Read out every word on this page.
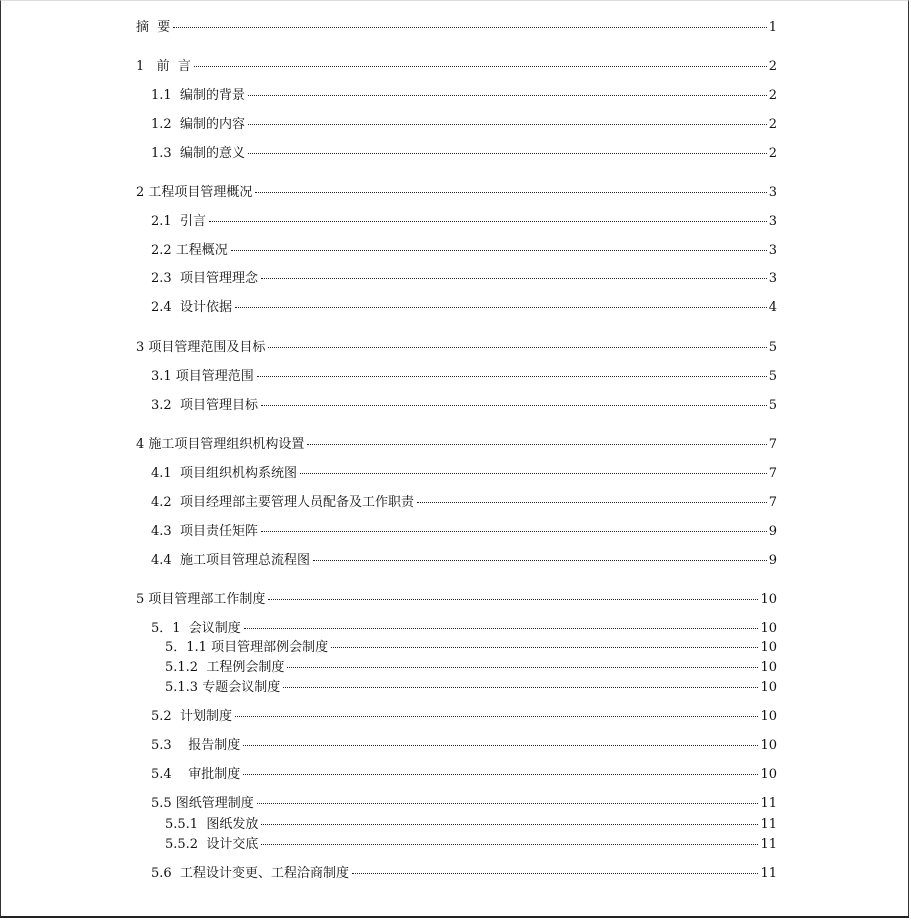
摘  要	1
1   前  言	2
1.1  编制的背景	2
1.2  编制的内容	2
1.3  编制的意义	2
2 工程项目管理概况	3
2.1  引言	3
2.2 工程概况	3
2.3  项目管理理念	3
2.4  设计依据	4
3 项目管理范围及目标	5
3.1 项目管理范围	5
3.2  项目管理目标	5
4 施工项目管理组织机构设置	7
4.1  项目组织机构系统图	7
4.2  项目经理部主要管理人员配备及工作职责	7
4.3  项目责任矩阵	9
4.4  施工项目管理总流程图	9
5 项目管理部工作制度	10
5．1  会议制度	10
5．1.1 项目管理部例会制度	10
5.1.2  工程例会制度	10
5.1.3 专题会议制度	10
5.2  计划制度	10
5.3    报告制度	10
5.4    审批制度	10
5.5 图纸管理制度	11
5.5.1  图纸发放	11
5.5.2  设计交底	11
5.6  工程设计变更、工程洽商制度	11
